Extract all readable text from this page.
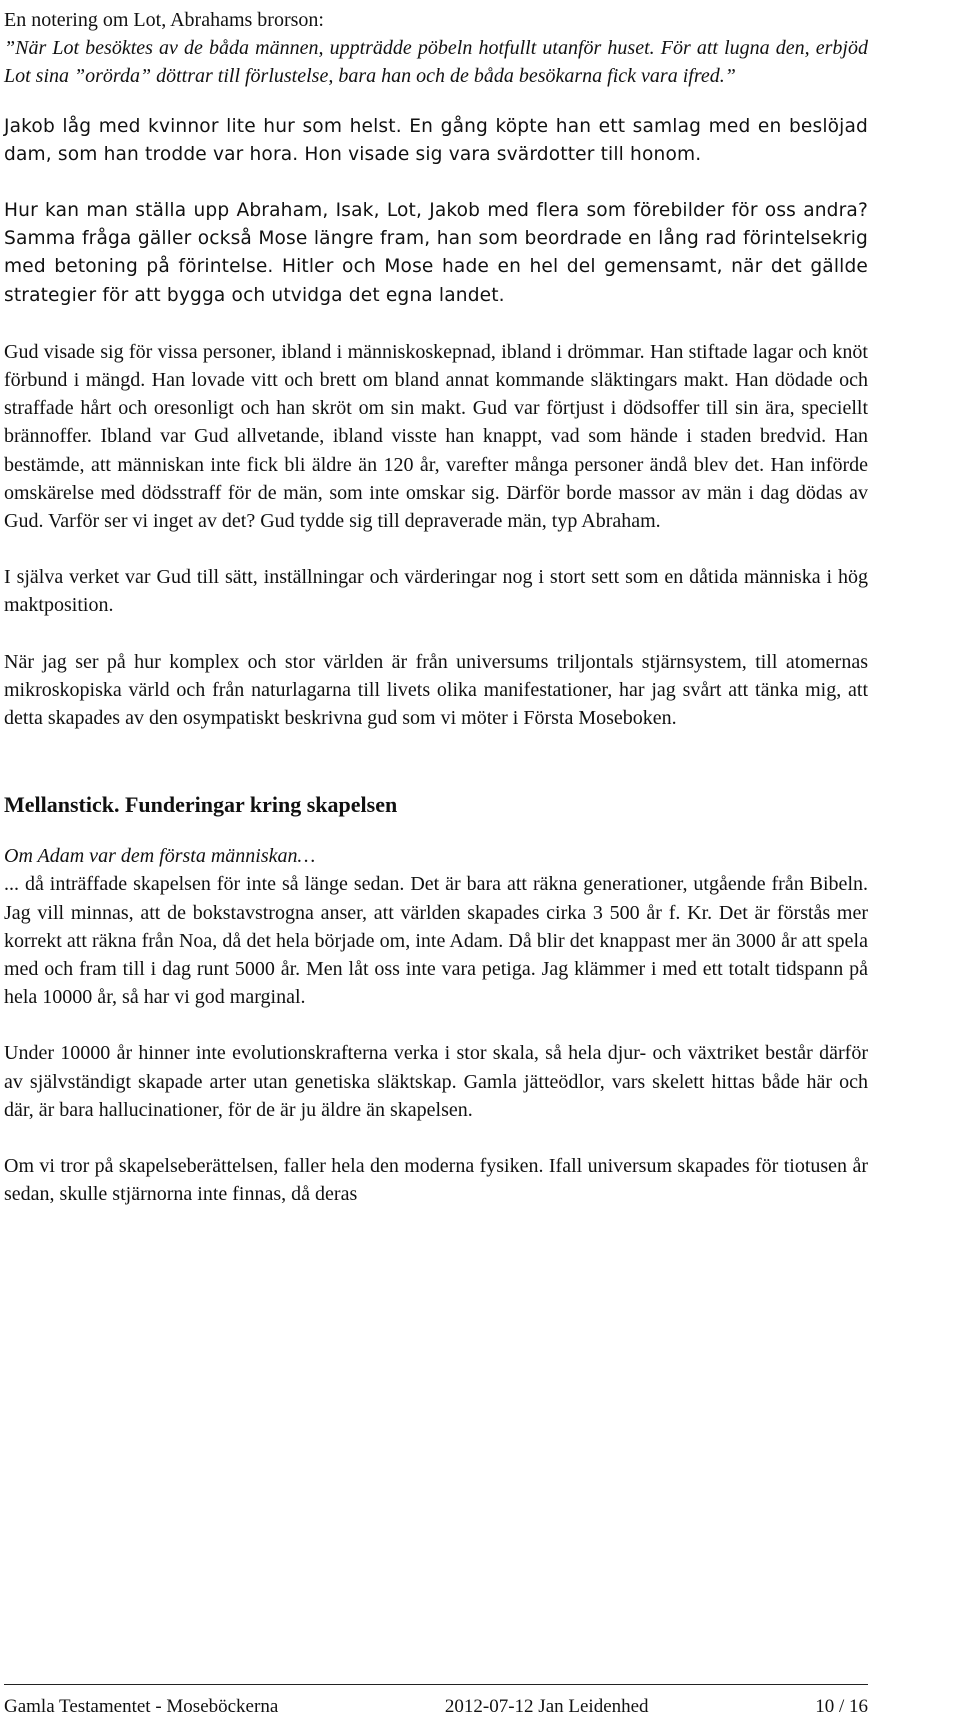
En notering om Lot, Abrahams brorson:

”När Lot besöktes av de båda männen, uppträdde pöbeln hotfullt utanför huset. För att lugna den, erbjöd Lot sina ”orörda” döttrar till förlustelse, bara han och de båda besökarna fick vara ifred.”

Jakob låg med kvinnor lite hur som helst. En gång köpte han ett samlag med en beslöjad dam, som han trodde var hora. Hon visade sig vara svärdotter till honom.

Hur kan man ställa upp Abraham, Isak, Lot, Jakob med flera som förebilder för oss andra? Samma fråga gäller också Mose längre fram, han som beordrade en lång rad förintelsekrig med betoning på förintelse. Hitler och Mose hade en hel del gemensamt, när det gällde strategier för att bygga och utvidga det egna landet.

Gud visade sig för vissa personer, ibland i människoskepnad, ibland i drömmar. Han stiftade lagar och knöt förbund i mängd. Han lovade vitt och brett om bland annat kommande släktingars makt. Han dödade och straffade hårt och oresonligt och han skröt om sin makt. Gud var förtjust i dödsoffer till sin ära, speciellt brännoffer. Ibland var Gud allvetande, ibland visste han knappt, vad som hände i staden bredvid. Han bestämde, att människan inte fick bli äldre än 120 år, varefter många personer ändå blev det. Han införde omskärelse med dödsstraff för de män, som inte omskar sig. Därför borde massor av män i dag dödas av Gud. Varför ser vi inget av det? Gud tydde sig till depraverade män, typ Abraham.

I själva verket var Gud till sätt, inställningar och värderingar nog i stort sett som en dåtida människa i hög maktposition.

När jag ser på hur komplex och stor världen är från universums triljontals stjärnsystem, till atomernas mikroskopiska värld och från naturlagarna till livets olika manifestationer, har jag svårt att tänka mig, att detta skapades av den osympatiskt beskrivna gud som vi möter i Första Moseboken.

Mellanstick. Funderingar kring skapelsen

Om Adam var dem första människan…

... då inträffade skapelsen för inte så länge sedan. Det är bara att räkna generationer, utgående från Bibeln. Jag vill minnas, att de bokstavstrogna anser, att världen skapades cirka 3 500 år f. Kr. Det är förstås mer korrekt att räkna från Noa, då det hela började om, inte Adam. Då blir det knappast mer än 3000 år att spela med och fram till i dag runt 5000 år. Men låt oss inte vara petiga. Jag klämmer i med ett totalt tidspann på hela 10000 år, så har vi god marginal.

Under 10000 år hinner inte evolutionskrafterna verka i stor skala, så hela djur- och växtriket består därför av självständigt skapade arter utan genetiska släktskap. Gamla jätteödlor, vars skelett hittas både här och där, är bara hallucinationer, för de är ju äldre än skapelsen.

Om vi tror på skapelseberättelsen, faller hela den moderna fysiken. Ifall universum skapades för tiotusen år sedan, skulle stjärnorna inte finnas, då deras

Gamla Testamentet - Moseböckerna	2012-07-12 Jan Leidenhed	10 / 16
